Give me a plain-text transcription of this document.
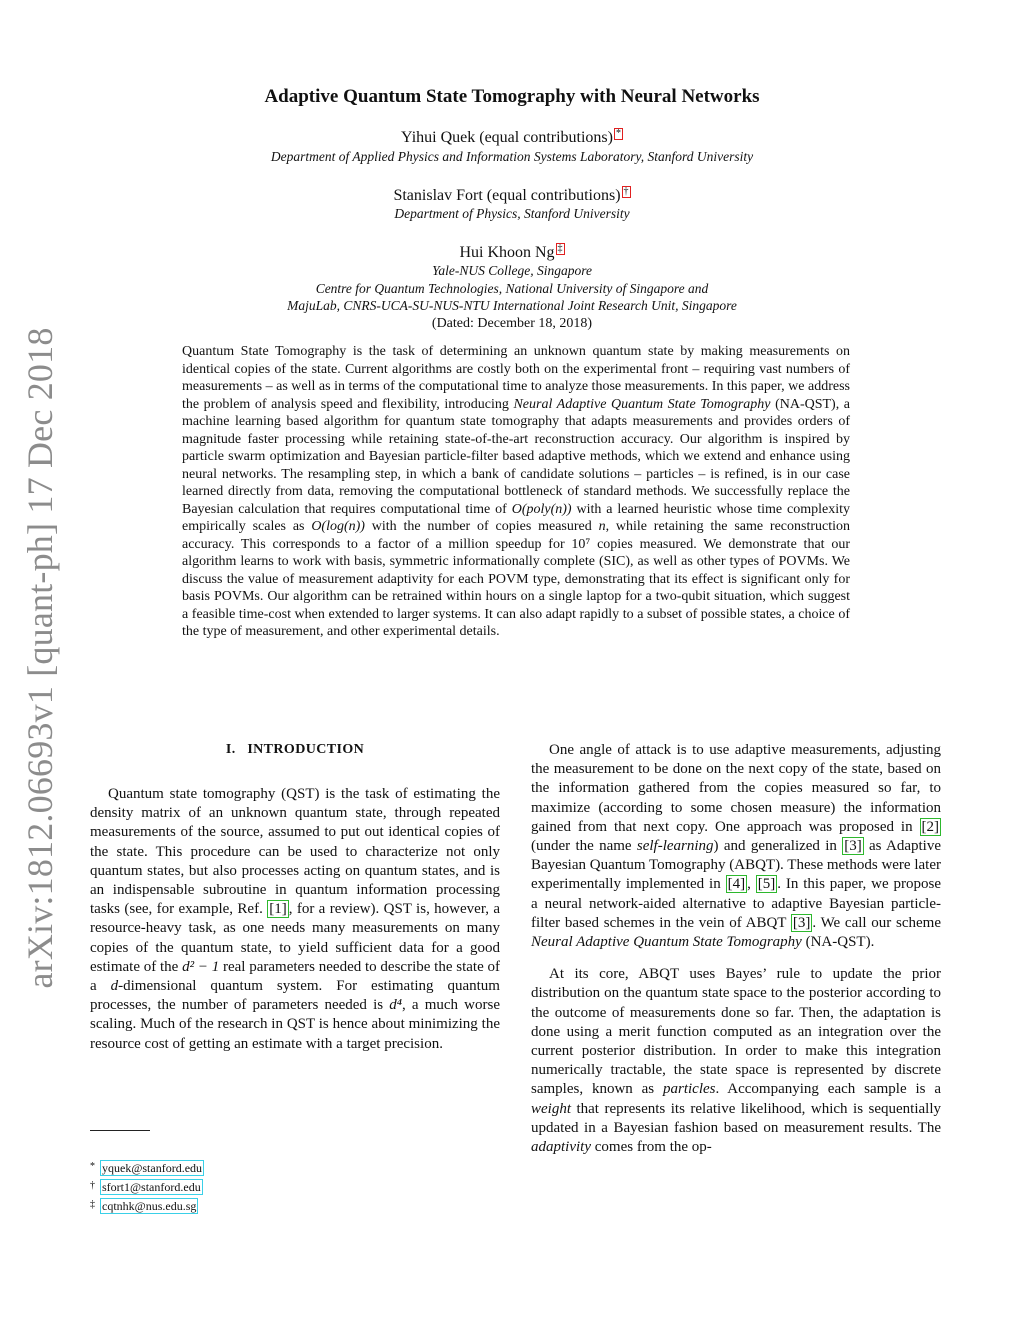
arXiv:1812.06693v1 [quant-ph] 17 Dec 2018
Adaptive Quantum State Tomography with Neural Networks
Yihui Quek (equal contributions) *
Department of Applied Physics and Information Systems Laboratory, Stanford University
Stanislav Fort (equal contributions) †
Department of Physics, Stanford University
Hui Khoon Ng ‡
Yale-NUS College, Singapore
Centre for Quantum Technologies, National University of Singapore and
MajuLab, CNRS-UCA-SU-NUS-NTU International Joint Research Unit, Singapore
(Dated: December 18, 2018)
Quantum State Tomography is the task of determining an unknown quantum state by making measurements on identical copies of the state. Current algorithms are costly both on the experimental front – requiring vast numbers of measurements – as well as in terms of the computational time to analyze those measurements. In this paper, we address the problem of analysis speed and flexibility, introducing Neural Adaptive Quantum State Tomography (NA-QST), a machine learning based algorithm for quantum state tomography that adapts measurements and provides orders of magnitude faster processing while retaining state-of-the-art reconstruction accuracy. Our algorithm is inspired by particle swarm optimization and Bayesian particle-filter based adaptive methods, which we extend and enhance using neural networks. The resampling step, in which a bank of candidate solutions – particles – is refined, is in our case learned directly from data, removing the computational bottleneck of standard methods. We successfully replace the Bayesian calculation that requires computational time of O(poly(n)) with a learned heuristic whose time complexity empirically scales as O(log(n)) with the number of copies measured n, while retaining the same reconstruction accuracy. This corresponds to a factor of a million speedup for 10⁷ copies measured. We demonstrate that our algorithm learns to work with basis, symmetric informationally complete (SIC), as well as other types of POVMs. We discuss the value of measurement adaptivity for each POVM type, demonstrating that its effect is significant only for basis POVMs. Our algorithm can be retrained within hours on a single laptop for a two-qubit situation, which suggest a feasible time-cost when extended to larger systems. It can also adapt rapidly to a subset of possible states, a choice of the type of measurement, and other experimental details.
I. INTRODUCTION

Quantum state tomography (QST) is the task of estimating the density matrix of an unknown quantum state, through repeated measurements of the source, assumed to put out identical copies of the state. This procedure can be used to characterize not only quantum states, but also processes acting on quantum states, and is an indispensable subroutine in quantum information processing tasks (see, for example, Ref. [1] , for a review). QST is, however, a resource-heavy task, as one needs many measurements on many copies of the quantum state, to yield sufficient data for a good estimate of the d² − 1 real parameters needed to describe the state of a d-dimensional quantum system. For estimating quantum processes, the number of parameters needed is d⁴, a much worse scaling. Much of the research in QST is hence about minimizing the resource cost of getting an estimate with a target precision.

One angle of attack is to use adaptive measurements, adjusting the measurement to be done on the next copy of the state, based on the information gathered from the copies measured so far, to maximize (according to some chosen measure) the information gained from that next copy. One approach was proposed in [2] (under the name self-learning) and generalized in [3] as Adaptive Bayesian Quantum Tomography (ABQT). These methods were later experimentally implemented in [4] , [5] . In this paper, we propose a neural network-aided alternative to adaptive Bayesian particle-filter based schemes in the vein of ABQT [3] . We call our scheme Neural Adaptive Quantum State Tomography (NA-QST).

At its core, ABQT uses Bayes’ rule to update the prior distribution on the quantum state space to the posterior according to the outcome of measurements done so far. Then, the adaptation is done using a merit function computed as an integration over the current posterior distribution. In order to make this integration numerically tractable, the state space is represented by discrete samples, known as particles. Accompanying each sample is a weight that represents its relative likelihood, which is sequentially updated in a Bayesian fashion based on measurement results. The adaptivity comes from the op-

* yquek@stanford.edu
† sfort1@stanford.edu
‡ cqtnhk@nus.edu.sg
